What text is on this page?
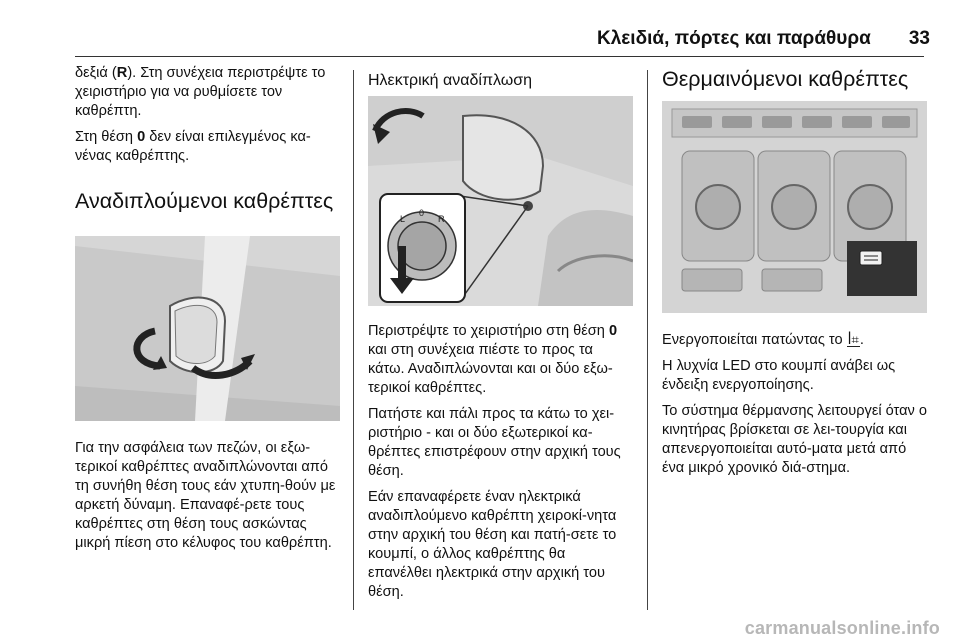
Κλειδιά, πόρτες και παράθυρα 33

δεξιά (R). Στη συνέχεια περιστρέψτε το χειριστήριο για να ρυθμίσετε τον καθρέπτη.

Στη θέση 0 δεν είναι επιλεγμένος κα-νένας καθρέπτης.

Αναδιπλούμενοι καθρέπτες

Για την ασφάλεια των πεζών, οι εξω-τερικοί καθρέπτες αναδιπλώνονται από τη συνήθη θέση τους εάν χτυπη-θούν με αρκετή δύναμη. Επαναφέ-ρετε τους καθρέπτες στη θέση τους ασκώντας μικρή πίεση στο κέλυφος του καθρέπτη.

Ηλεκτρική αναδίπλωση
L
0
R

Περιστρέψτε το χειριστήριο στη θέση 0 και στη συνέχεια πιέστε το προς τα κάτω. Αναδιπλώνονται και οι δύο εξω-τερικοί καθρέπτες.

Πατήστε και πάλι προς τα κάτω το χει-ριστήριο - και οι δύο εξωτερικοί κα-θρέπτες επιστρέφουν στην αρχική τους θέση.

Εάν επαναφέρετε έναν ηλεκτρικά αναδιπλούμενο καθρέπτη χειροκί-νητα στην αρχική του θέση και πατή-σετε το κουμπί, ο άλλος καθρέπτης θα επανέλθει ηλεκτρικά στην αρχική του θέση.

Θερμαινόμενοι καθρέπτες

Ενεργοποιείται πατώντας το ꟾ⌗.

Η λυχνία LED στο κουμπί ανάβει ως ένδειξη ενεργοποίησης.

Το σύστημα θέρμανσης λειτουργεί όταν ο κινητήρας βρίσκεται σε λει-τουργία και απενεργοποιείται αυτό-ματα μετά από ένα μικρό χρονικό διά-στημα.

carmanualsonline.info
